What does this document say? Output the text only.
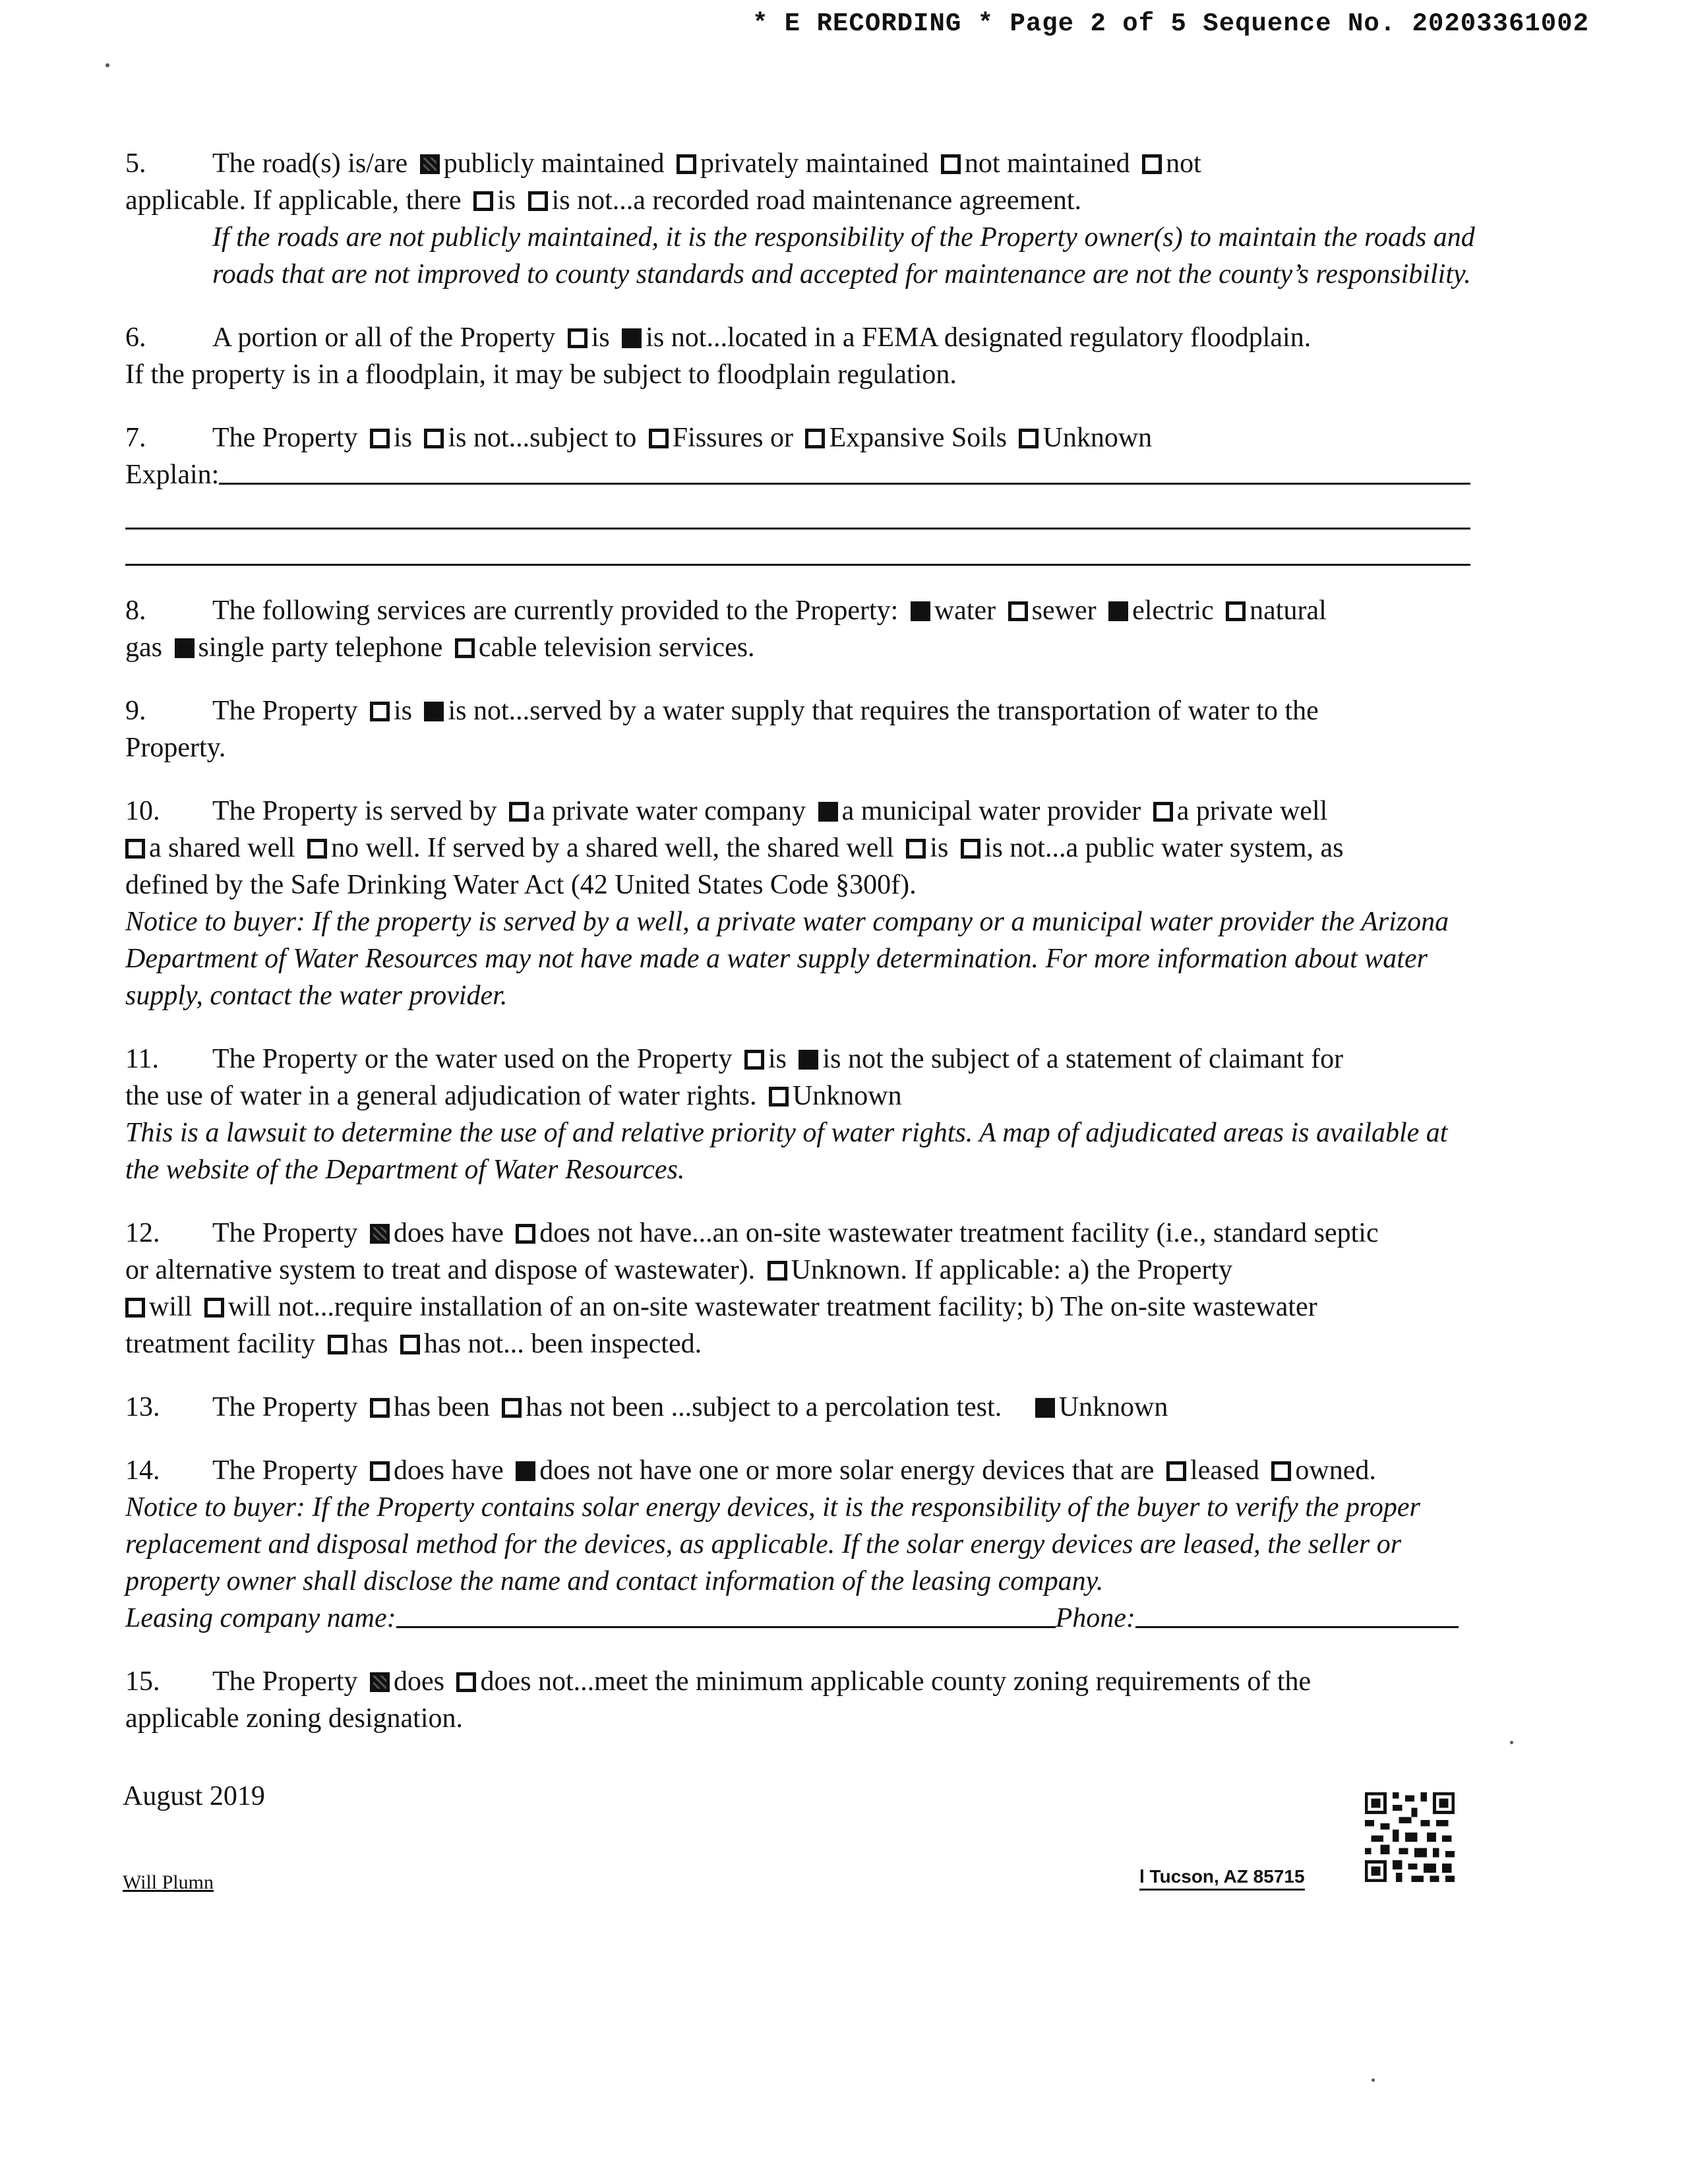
* E RECORDING * Page 2 of 5 Sequence No. 20203361002
5. The road(s) is/are publicly maintained privately maintained not maintained not
applicable. If applicable, there is is not...a recorded road maintenance agreement.
If the roads are not publicly maintained, it is the responsibility of the Property owner(s) to maintain the roads and roads that are not improved to county standards and accepted for maintenance are not the county’s responsibility.
6. A portion or all of the Property is is not...located in a FEMA designated regulatory floodplain.
If the property is in a floodplain, it may be subject to floodplain regulation.
7. The Property is is not...subject to Fissures or Expansive Soils Unknown
Explain:
8. The following services are currently provided to the Property: water sewer electric natural
gas single party telephone cable television services.
9. The Property is is not...served by a water supply that requires the transportation of water to the
Property.
10. The Property is served by a private water company a municipal water provider a private well
a shared well no well. If served by a shared well, the shared well is is not...a public water system, as
defined by the Safe Drinking Water Act (42 United States Code §300f).
Notice to buyer: If the property is served by a well, a private water company or a municipal water provider the Arizona Department of Water Resources may not have made a water supply determination. For more information about water supply, contact the water provider.
11. The Property or the water used on the Property is is not the subject of a statement of claimant for
the use of water in a general adjudication of water rights. Unknown
This is a lawsuit to determine the use of and relative priority of water rights. A map of adjudicated areas is available at the website of the Department of Water Resources.
12. The Property does have does not have...an on-site wastewater treatment facility (i.e., standard septic
or alternative system to treat and dispose of wastewater). Unknown. If applicable: a) the Property
will will not...require installation of an on-site wastewater treatment facility; b) The on-site wastewater
treatment facility has has not... been inspected.
13. The Property has been has not been ...subject to a percolation test. Unknown
14. The Property does have does not have one or more solar energy devices that are leased owned.
Notice to buyer: If the Property contains solar energy devices, it is the responsibility of the buyer to verify the proper replacement and disposal method for the devices, as applicable. If the solar energy devices are leased, the seller or property owner shall disclose the name and contact information of the leasing company.
Leasing company name:	Phone:
15. The Property does does not...meet the minimum applicable county zoning requirements of the
applicable zoning designation.
August 2019
Will Plumn	l Tucson, AZ 85715
